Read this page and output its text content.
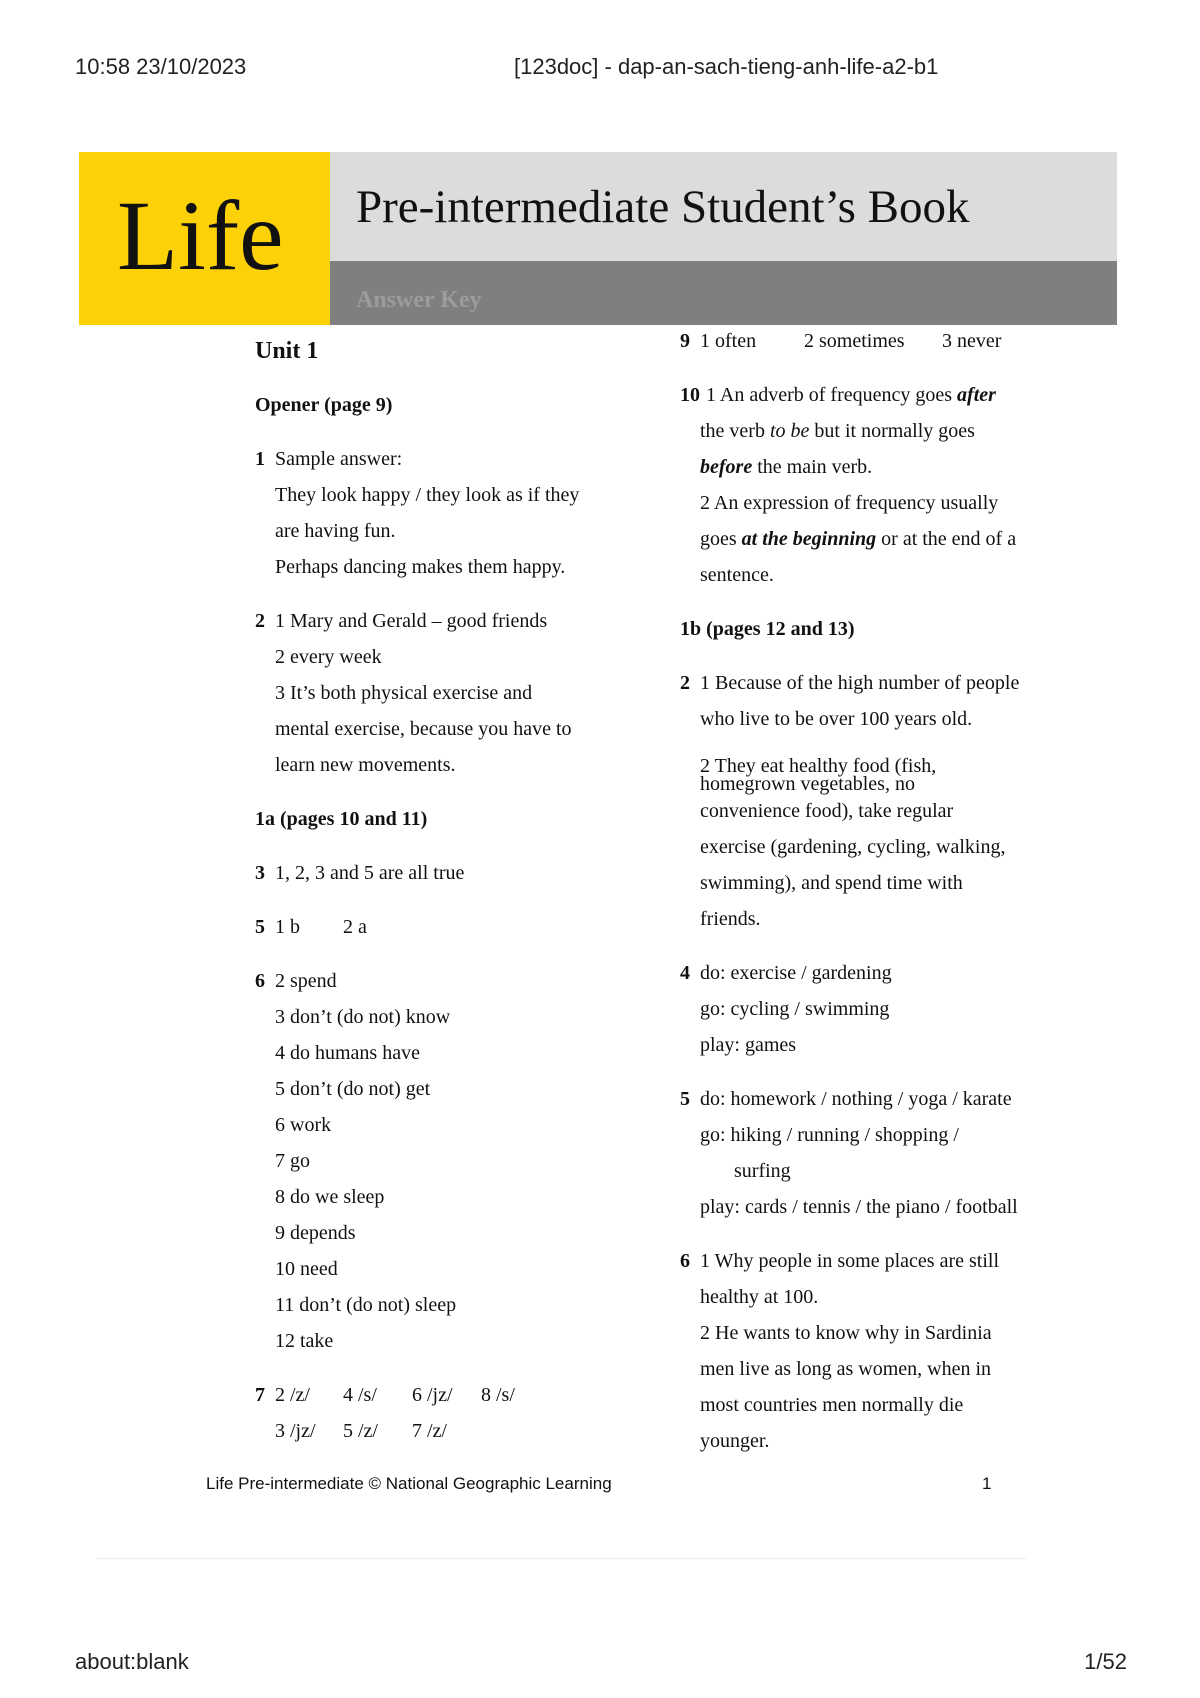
10:58 23/10/2023	[123doc] - dap-an-sach-tieng-anh-life-a2-b1
Life Pre-intermediate Student’s Book
Answer Key

Unit 1

Opener (page 9)

1 Sample answer:

They look happy / they look as if they

are having fun.

Perhaps dancing makes them happy.

2 1 Mary and Gerald – good friends

2 every week

3 It’s both physical exercise and

mental exercise, because you have to

learn new movements.

1a (pages 10 and 11)

3 1, 2, 3 and 5 are all true

5 1 b	2 a

6 2 spend

3 don’t (do not) know

4 do humans have

5 don’t (do not) get

6 work

7 go

8 do we sleep

9 depends

10 need

11 don’t (do not) sleep

12 take

7 2 /z/	4 /s/	6 /jz/	8 /s/

3 /jz/	5 /z/	7 /z/

9 1 often	2 sometimes	3 never

10 1 An adverb of frequency goes after

the verb to be but it normally goes

before the main verb.

2 An expression of frequency usually

goes at the beginning or at the end of a

sentence.

1b (pages 12 and 13)

2 1 Because of the high number of people

who live to be over 100 years old.

2 They eat healthy food (fish,

homegrown vegetables, no

convenience food), take regular

exercise (gardening, cycling, walking,

swimming), and spend time with

friends.

4 do: exercise / gardening

go: cycling / swimming

play: games

5 do: homework / nothing / yoga / karate

go: hiking / running / shopping /

surfing

play: cards / tennis / the piano / football

6 1 Why people in some places are still

healthy at 100.

2 He wants to know why in Sardinia

men live as long as women, when in

most countries men normally die

younger.

Life Pre-intermediate © National Geographic Learning	1
about:blank	1/52
